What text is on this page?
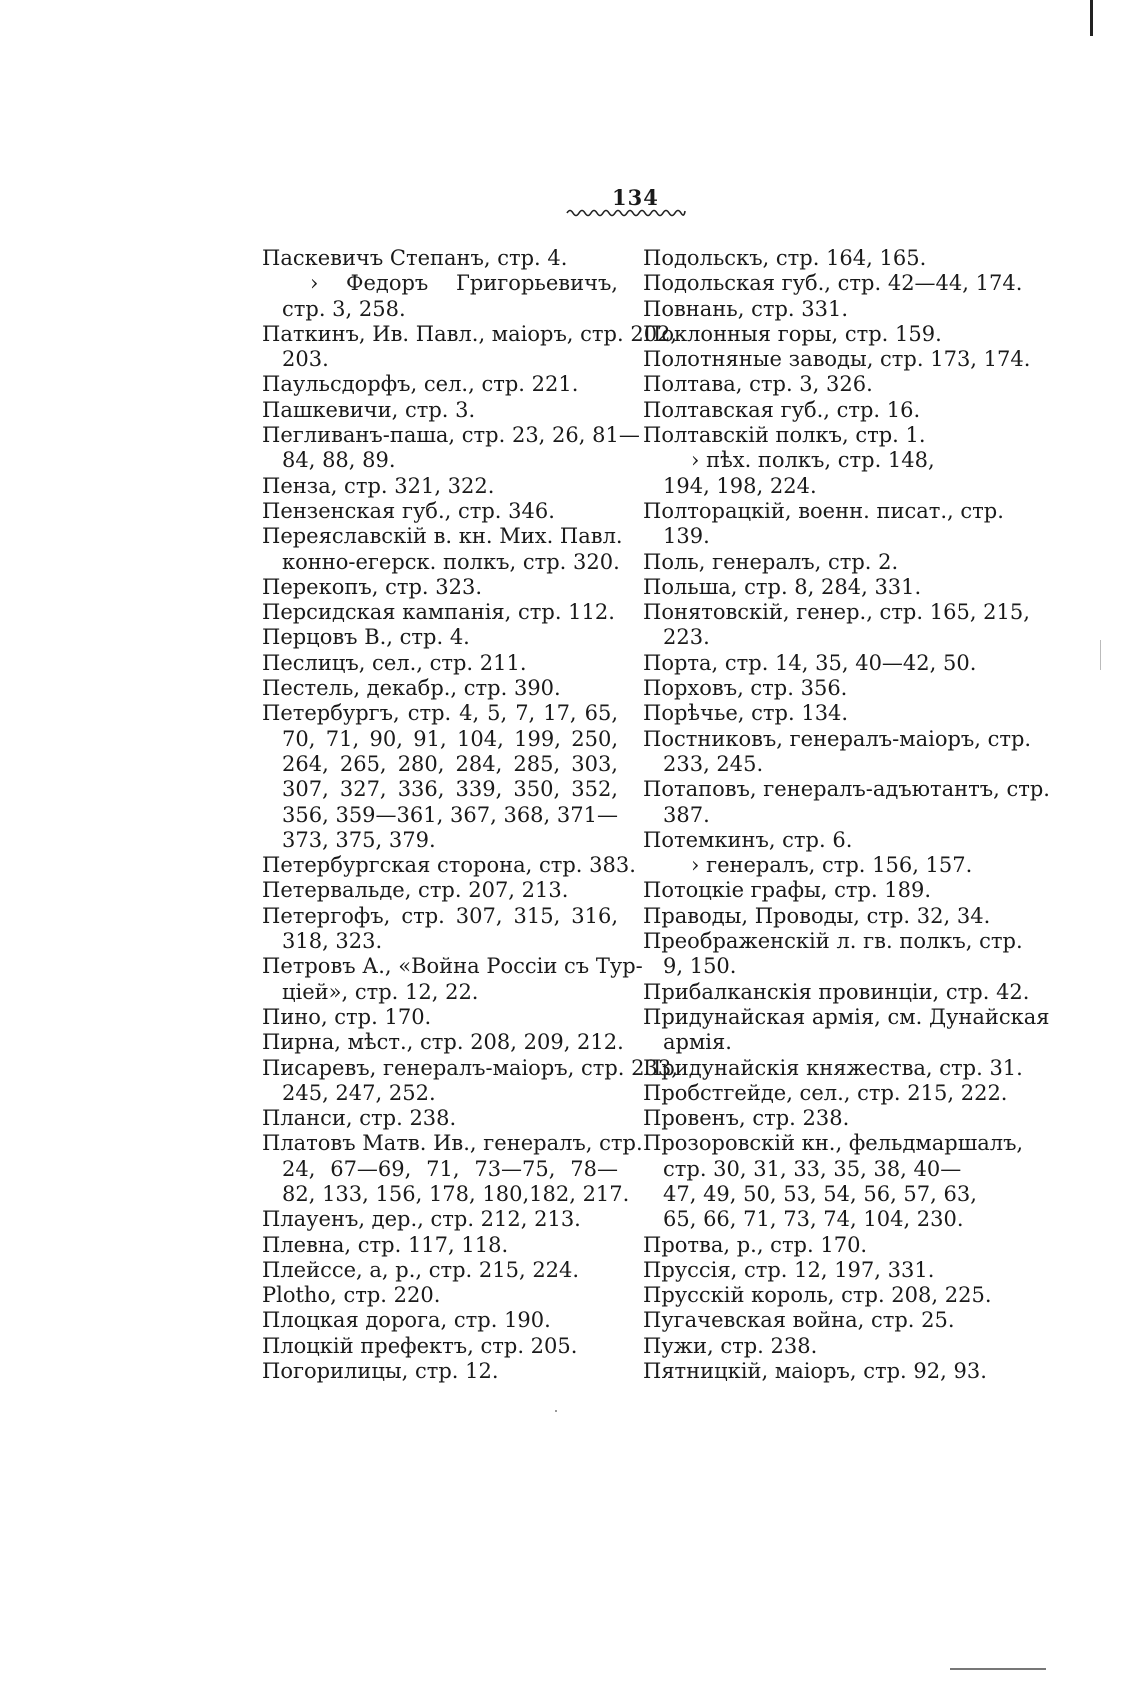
134

Паскевичъ Степанъ, стр. 4.

› Федоръ Григорьевичъ,

стр. 3, 258.

Паткинъ, Ив. Павл., маіоръ, стр. 202,

203.

Паульсдорфъ, сел., стр. 221.

Пашкевичи, стр. 3.

Пегливанъ-паша, стр. 23, 26, 81—

84, 88, 89.

Пенза, стр. 321, 322.

Пензенская губ., стр. 346.

Переяславскій в. кн. Мих. Павл.

конно-егерск. полкъ, стр. 320.

Перекопъ, стр. 323.

Персидская кампанія, стр. 112.

Перцовъ В., стр. 4.

Песлицъ, сел., стр. 211.

Пестель, декабр., стр. 390.

Петербургъ, стр. 4, 5, 7, 17, 65,

70, 71, 90, 91, 104, 199, 250,

264, 265, 280, 284, 285, 303,

307, 327, 336, 339, 350, 352,

356, 359—361, 367, 368, 371—

373, 375, 379.

Петербургская сторона, стр. 383.

Петервальде, стр. 207, 213.

Петергофъ, стр. 307, 315, 316,

318, 323.

Петровъ А., «Война Россіи съ Тур-

ціей», стр. 12, 22.

Пино, стр. 170.

Пирна, мѣст., стр. 208, 209, 212.

Писаревъ, генералъ-маіоръ, стр. 233,

245, 247, 252.

Планси, стр. 238.

Платовъ Матв. Ив., генералъ, стр.

24, 67—69, 71, 73—75, 78—

82, 133, 156, 178, 180,182, 217.

Плауенъ, дер., стр. 212, 213.

Плевна, стр. 117, 118.

Плейссе, а, р., стр. 215, 224.

Plotho, стр. 220.

Плоцкая дорога, стр. 190.

Плоцкій префектъ, стр. 205.

Погорилицы, стр. 12.

Подольскъ, стр. 164, 165.

Подольская губ., стр. 42—44, 174.

Повнань, стр. 331.

Поклонныя горы, стр. 159.

Полотняные заводы, стр. 173, 174.

Полтава, стр. 3, 326.

Полтавская губ., стр. 16.

Полтавскій полкъ, стр. 1.

› пѣх. полкъ, стр. 148,

194, 198, 224.

Полторацкій, военн. писат., стр.

139.

Поль, генералъ, стр. 2.

Польша, стр. 8, 284, 331.

Понятовскій, генер., стр. 165, 215,

223.

Порта, стр. 14, 35, 40—42, 50.

Порховъ, стр. 356.

Порѣчье, стр. 134.

Постниковъ, генералъ-маіоръ, стр.

233, 245.

Потаповъ, генералъ-адъютантъ, стр.

387.

Потемкинъ, стр. 6.

› генералъ, стр. 156, 157.

Потоцкіе графы, стр. 189.

Праводы, Проводы, стр. 32, 34.

Преображенскій л. гв. полкъ, стр.

9, 150.

Прибалканскія провинціи, стр. 42.

Придунайская армія, см. Дунайская

армія.

Придунайскія княжества, стр. 31.

Пробстгейде, сел., стр. 215, 222.

Провенъ, стр. 238.

Прозоровскій кн., фельдмаршалъ,

стр. 30, 31, 33, 35, 38, 40—

47, 49, 50, 53, 54, 56, 57, 63,

65, 66, 71, 73, 74, 104, 230.

Протва, р., стр. 170.

Пруссія, стр. 12, 197, 331.

Прусскій король, стр. 208, 225.

Пугачевская война, стр. 25.

Пужи, стр. 238.

Пятницкій, маіоръ, стр. 92, 93.
